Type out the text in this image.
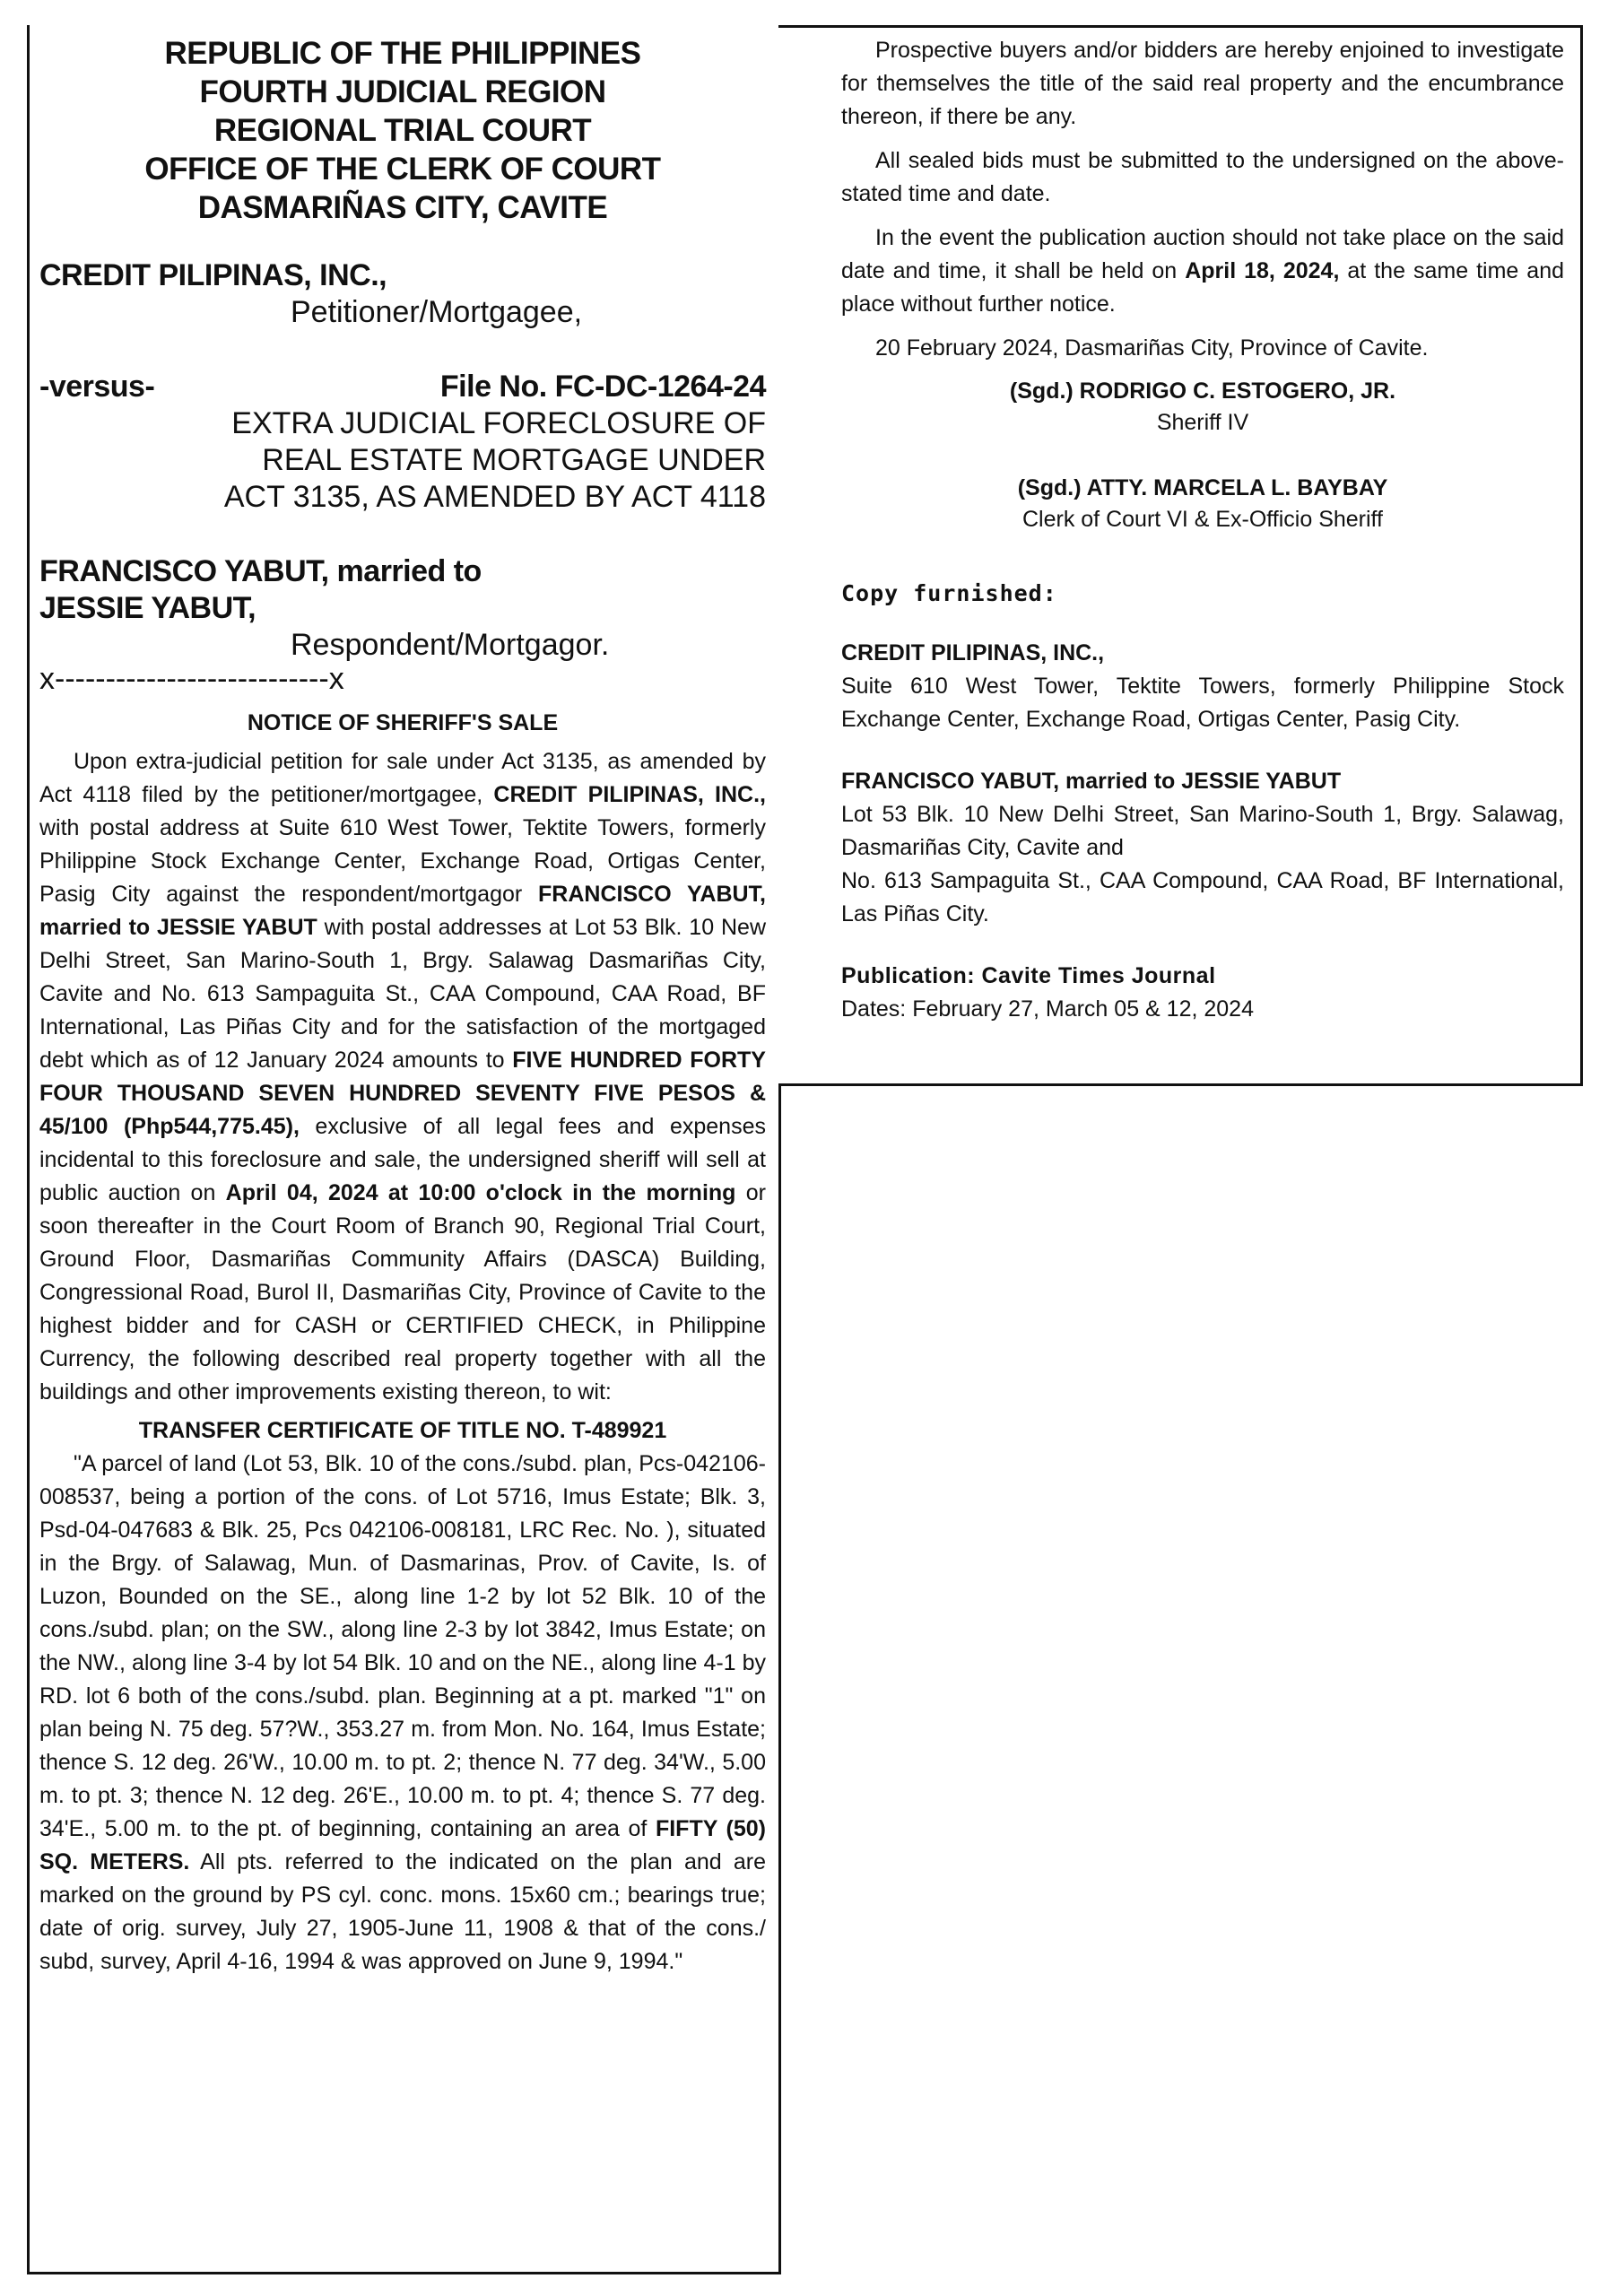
REPUBLIC OF THE PHILIPPINES
FOURTH JUDICIAL REGION
REGIONAL TRIAL COURT
OFFICE OF THE CLERK OF COURT
DASMARIÑAS CITY, CAVITE
CREDIT PILIPINAS, INC.,
Petitioner/Mortgagee,
-versus-	File No. FC-DC-1264-24
EXTRA JUDICIAL FORECLOSURE OF
REAL ESTATE MORTGAGE UNDER
ACT 3135, AS AMENDED BY ACT 4118
FRANCISCO YABUT, married to
JESSIE YABUT,
Respondent/Mortgagor.
x---------------------------x
NOTICE OF SHERIFF'S SALE

Upon extra-judicial petition for sale under Act 3135, as amended by Act 4118 filed by the petitioner/mortgagee, CREDIT PILIPINAS, INC., with postal address at Suite 610 West Tower, Tektite Towers, formerly Philippine Stock Exchange Center, Exchange Road, Ortigas Center, Pasig City against the respondent/mortgagor FRANCISCO YABUT, married to JESSIE YABUT with postal addresses at Lot 53 Blk. 10 New Delhi Street, San Marino-South 1, Brgy. Salawag Dasmariñas City, Cavite and No. 613 Sampaguita St., CAA Compound, CAA Road, BF International, Las Piñas City and for the satisfaction of the mortgaged debt which as of 12 January 2024 amounts to FIVE HUNDRED FORTY FOUR THOUSAND SEVEN HUNDRED SEVENTY FIVE PESOS & 45/100 (Php544,775.45), exclusive of all legal fees and expenses incidental to this foreclosure and sale, the undersigned sheriff will sell at public auction on April 04, 2024 at 10:00 o'clock in the morning or soon thereafter in the Court Room of Branch 90, Regional Trial Court, Ground Floor, Dasmariñas Community Affairs (DASCA) Building, Congressional Road, Burol II, Dasmariñas City, Province of Cavite to the highest bidder and for CASH or CERTIFIED CHECK, in Philippine Currency, the following described real property together with all the buildings and other improvements existing thereon, to wit:

TRANSFER CERTIFICATE OF TITLE NO. T-489921

"A parcel of land (Lot 53, Blk. 10 of the cons./subd. plan, Pcs-042106-008537, being a portion of the cons. of Lot 5716, Imus Estate; Blk. 3, Psd-04-047683 & Blk. 25, Pcs 042106-008181, LRC Rec. No. ), situated in the Brgy. of Salawag, Mun. of Dasmarinas, Prov. of Cavite, Is. of Luzon, Bounded on the SE., along line 1-2 by lot 52 Blk. 10 of the cons./subd. plan; on the SW., along line 2-3 by lot 3842, Imus Estate; on the NW., along line 3-4 by lot 54 Blk. 10 and on the NE., along line 4-1 by RD. lot 6 both of the cons./subd. plan. Beginning at a pt. marked "1" on plan being N. 75 deg. 57?W., 353.27 m. from Mon. No. 164, Imus Estate; thence S. 12 deg. 26'W., 10.00 m. to pt. 2; thence N. 77 deg. 34'W., 5.00 m. to pt. 3; thence N. 12 deg. 26'E., 10.00 m. to pt. 4; thence S. 77 deg. 34'E., 5.00 m. to the pt. of beginning, containing an area of FIFTY (50) SQ. METERS. All pts. referred to the indicated on the plan and are marked on the ground by PS cyl. conc. mons. 15x60 cm.; bearings true; date of orig. survey, July 27, 1905-June 11, 1908 & that of the cons./ subd, survey, April 4-16, 1994 & was approved on June 9, 1994."

Prospective buyers and/or bidders are hereby enjoined to investigate for themselves the title of the said real property and the encumbrance thereon, if there be any.

All sealed bids must be submitted to the undersigned on the above-stated time and date.

In the event the publication auction should not take place on the said date and time, it shall be held on April 18, 2024, at the same time and place without further notice.

20 February 2024, Dasmariñas City, Province of Cavite.

(Sgd.) RODRIGO C. ESTOGERO, JR.
Sheriff IV
(Sgd.) ATTY. MARCELA L. BAYBAY
Clerk of Court VI & Ex-Officio Sheriff
Copy furnished:
CREDIT PILIPINAS, INC.,
Suite 610 West Tower, Tektite Towers, formerly Philippine Stock Exchange Center, Exchange Road, Ortigas Center, Pasig City.
FRANCISCO YABUT, married to JESSIE YABUT
Lot 53 Blk. 10 New Delhi Street, San Marino-South 1, Brgy. Salawag, Dasmariñas City, Cavite and
No. 613 Sampaguita St., CAA Compound, CAA Road, BF International, Las Piñas City.
Publication: Cavite Times Journal
Dates: February 27, March 05 & 12, 2024
